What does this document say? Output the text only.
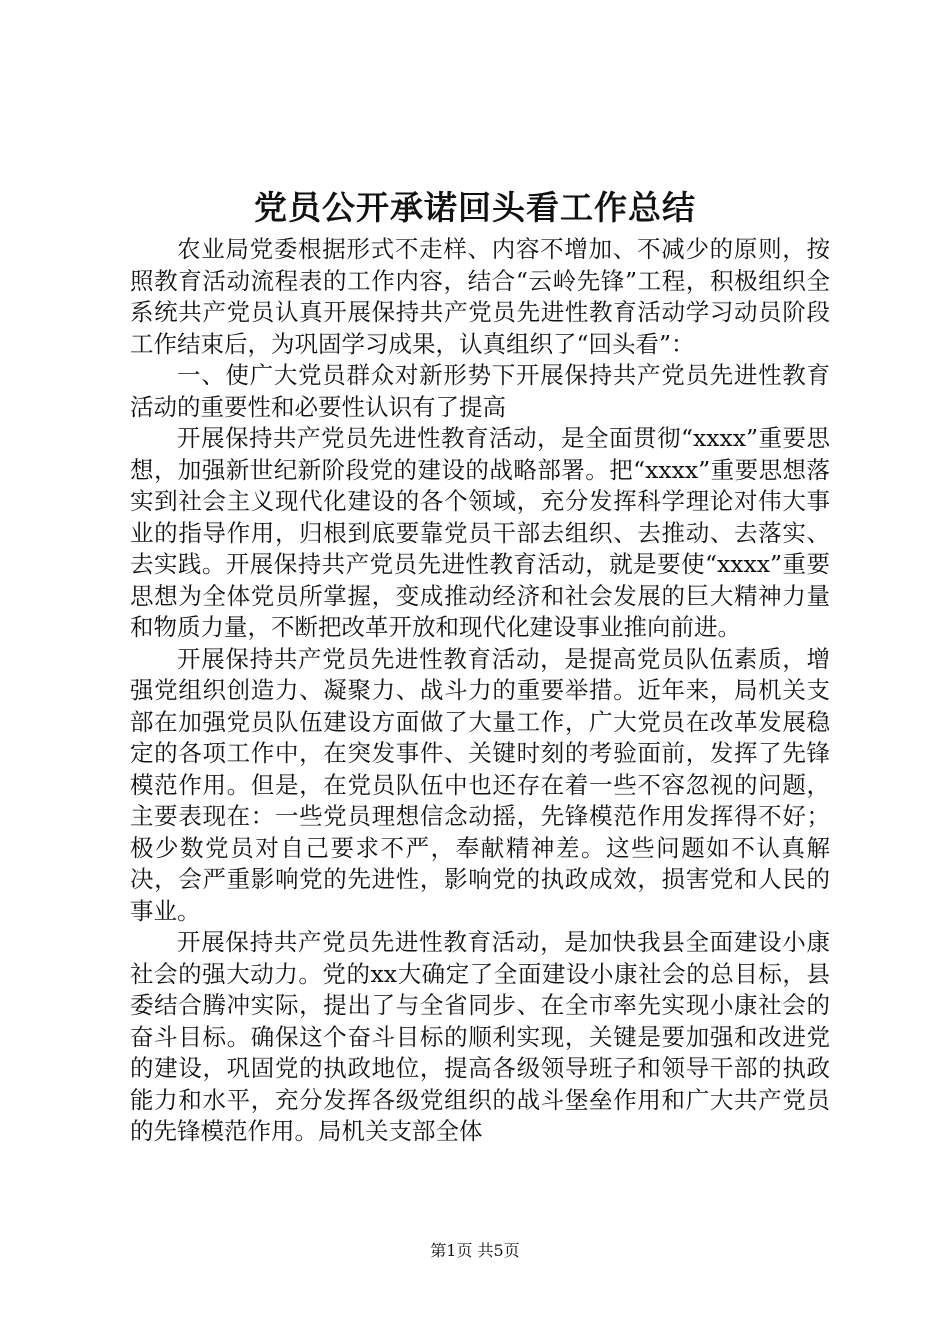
党员公开承诺回头看工作总结

农业局党委根据形式不走样、内容不增加、不减少的原则，按照教育活动流程表的工作内容，结合“云岭先锋”工程，积极组织全系统共产党员认真开展保持共产党员先进性教育活动学习动员阶段工作结束后，为巩固学习成果，认真组织了“回头看”：

一、使广大党员群众对新形势下开展保持共产党员先进性教育活动的重要性和必要性认识有了提高

开展保持共产党员先进性教育活动，是全面贯彻“xxxx”重要思想，加强新世纪新阶段党的建设的战略部署。把“xxxx”重要思想落实到社会主义现代化建设的各个领域，充分发挥科学理论对伟大事业的指导作用，归根到底要靠党员干部去组织、去推动、去落实、去实践。开展保持共产党员先进性教育活动，就是要使“xxxx”重要思想为全体党员所掌握，变成推动经济和社会发展的巨大精神力量和物质力量，不断把改革开放和现代化建设事业推向前进。

开展保持共产党员先进性教育活动，是提高党员队伍素质，增强党组织创造力、凝聚力、战斗力的重要举措。近年来，局机关支部在加强党员队伍建设方面做了大量工作，广大党员在改革发展稳定的各项工作中，在突发事件、关键时刻的考验面前，发挥了先锋模范作用。但是，在党员队伍中也还存在着一些不容忽视的问题，主要表现在：一些党员理想信念动摇，先锋模范作用发挥得不好；极少数党员对自己要求不严，奉献精神差。这些问题如不认真解决，会严重影响党的先进性，影响党的执政成效，损害党和人民的事业。

开展保持共产党员先进性教育活动，是加快我县全面建设小康社会的强大动力。党的xx大确定了全面建设小康社会的总目标，县委结合腾冲实际，提出了与全省同步、在全市率先实现小康社会的奋斗目标。确保这个奋斗目标的顺利实现，关键是要加强和改进党的建设，巩固党的执政地位，提高各级领导班子和领导干部的执政能力和水平，充分发挥各级党组织的战斗堡垒作用和广大共产党员的先锋模范作用。局机关支部全体

第1页 共5页
